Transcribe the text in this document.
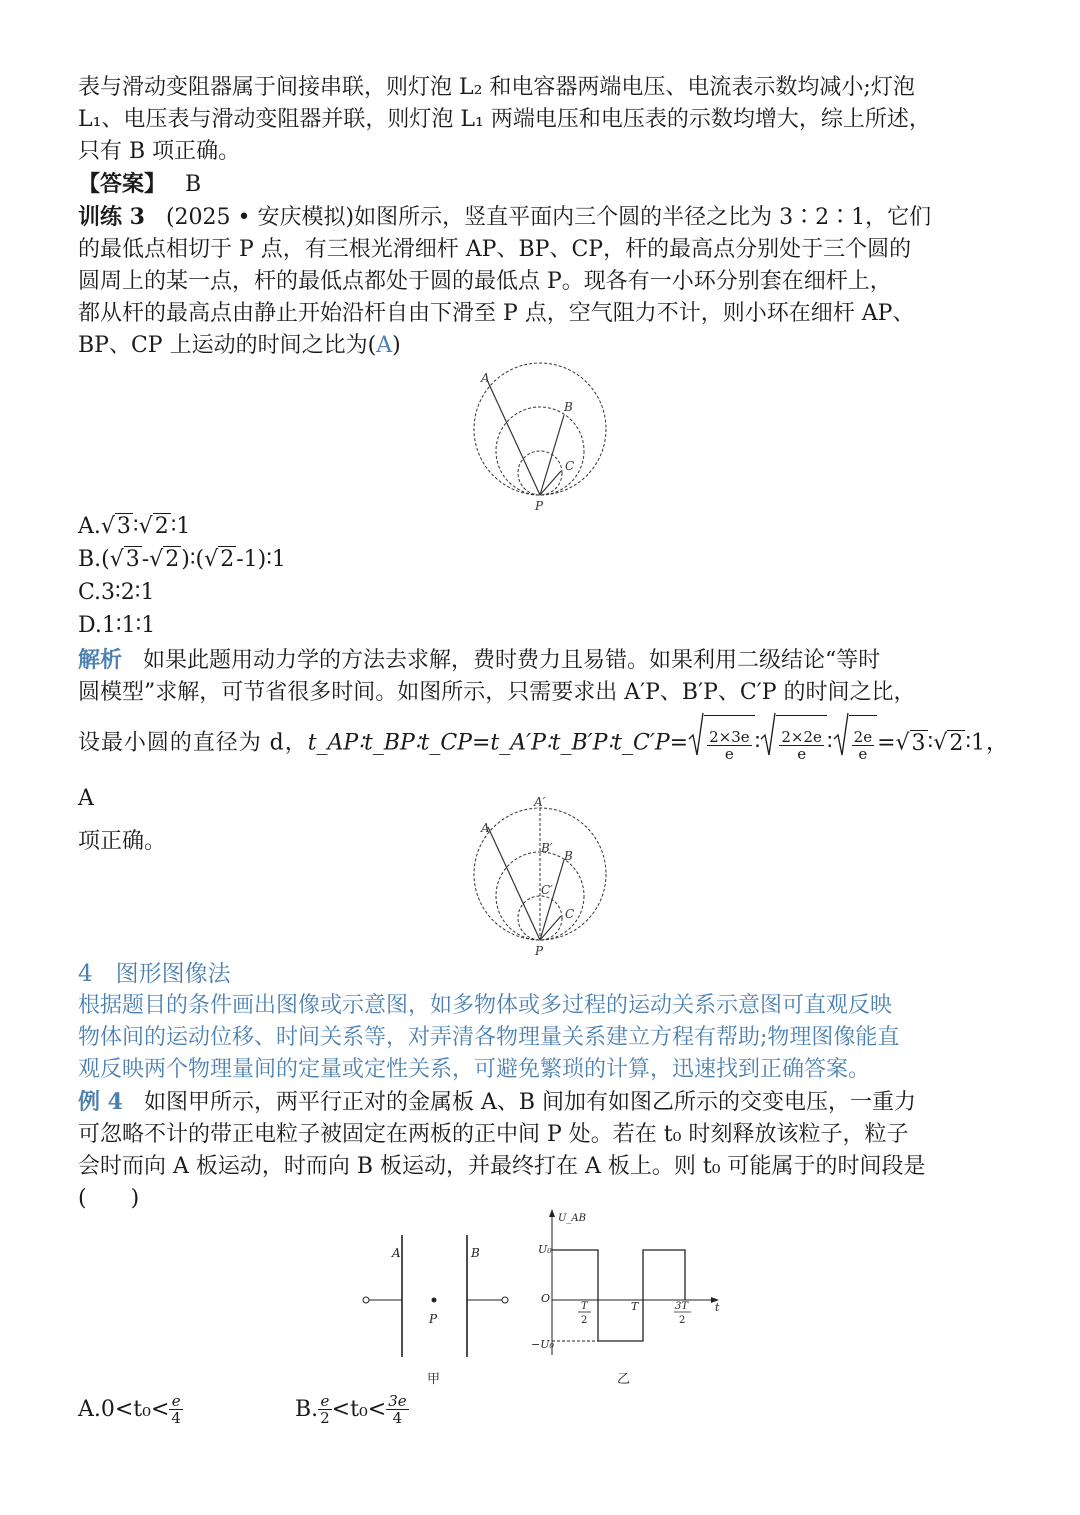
表与滑动变阻器属于间接串联，则灯泡 L₂ 和电容器两端电压、电流表示数均减小;灯泡

L₁、电压表与滑动变阻器并联，则灯泡 L₁ 两端电压和电压表的示数均增大，综上所述，

只有 B 项正确。

【答案】 B

训练 3 (2025 • 安庆模拟)如图所示，竖直平面内三个圆的半径之比为 3∶2∶1，它们

的最低点相切于 P 点，有三根光滑细杆 AP、BP、CP，杆的最高点分别处于三个圆的

圆周上的某一点，杆的最低点都处于圆的最低点 P。现各有一小环分别套在细杆上，

都从杆的最高点由静止开始沿杆自由下滑至 P 点，空气阻力不计，则小环在细杆 AP、

BP、CP 上运动的时间之比为(A)

A
B
C
P

A.√3∶√2∶1

B.(√3-√2)∶(√2-1)∶1

C.3∶2∶1

D.1∶1∶1

解析 如果此题用动力学的方法去求解，费时费力且易错。如果利用二级结论“等时

圆模型”求解，可节省很多时间。如图所示，只需要求出 A′P、B′P、C′P 的时间之比，

设最小圆的直径为 d，t_AP∶t_BP∶t_CP=t_A′P∶t_B′P∶t_C′P= $\frac{2\times 3e}{e}$ ∶ $\frac{2\times 2e}{e}$ ∶ $\frac{2e}{e}$ =√3∶√2∶1，A

项正确。

A′
A
B′
B
C′
C
P

4　图形图像法

根据题目的条件画出图像或示意图，如多物体或多过程的运动关系示意图可直观反映

物体间的运动位移、时间关系等，对弄清各物理量关系建立方程有帮助;物理图像能直

观反映两个物理量间的定量或定性关系，可避免繁琐的计算，迅速找到正确答案。

例 4 如图甲所示，两平行正对的金属板 A、B 间加有如图乙所示的交变电压，一重力

可忽略不计的带正电粒子被固定在两板的正中间 P 处。若在 t₀ 时刻释放该粒子，粒子

会时而向 A 板运动，时而向 B 板运动，并最终打在 A 板上。则 t₀ 可能属于的时间段是

(　　)

A	B
P
甲
U_AB
U₀
−U₀
O
T
2
T	3T
2
t
乙
$A.0<t_0< \frac{e}{4}$	B. $\frac{e}{2} <t_0< \frac{3e}{4}$
